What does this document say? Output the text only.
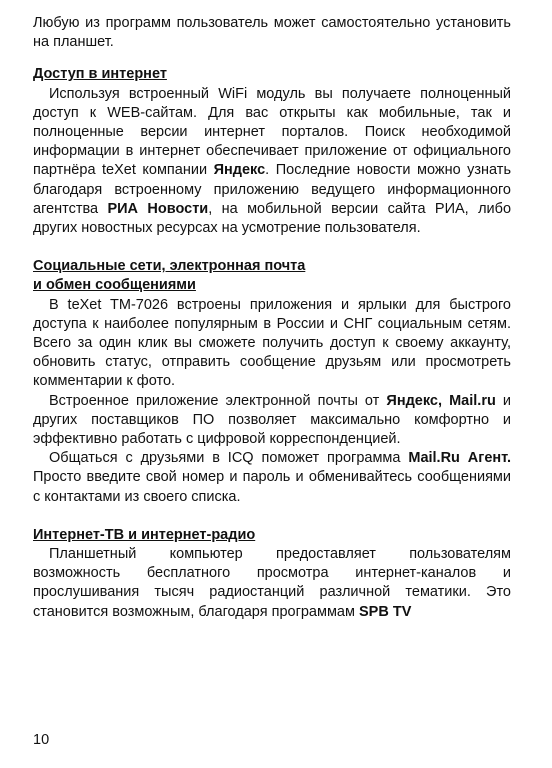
Любую из программ пользователь может самостоятельно установить на планшет.

Доступ в интернет

Используя встроенный WiFi модуль вы получаете полноценный доступ к WEB-сайтам. Для вас открыты как мобильные, так и полноценные версии интернет порталов. Поиск необходимой информации в интернет обеспечивает приложение от официального партнёра teXet компании Яндекс. Последние новости можно узнать благодаря встроенному приложению ведущего информационного агентства РИА Новости, на мобильной версии сайта РИА, либо других новостных ресурсах на усмотрение пользователя.

Социальные сети, электронная почта

и обмен сообщениями

В teXet TM-7026 встроены приложения и ярлыки для быстрого доступа к наиболее популярным в России и СНГ социальным сетям. Всего за один клик вы сможете получить доступ к своему аккаунту, обновить статус, отправить сообщение друзьям или просмотреть комментарии к фото.

Встроенное приложение электронной почты от Яндекс, Mail.ru и других поставщиков ПО позволяет максимально комфортно и эффективно работать с цифровой корреспонденцией.

Общаться с друзьями в ICQ поможет программа Mail.Ru Агент. Просто введите свой номер и пароль и обменивайтесь сообщениями с контактами из своего списка.

Интернет-ТВ и интернет-радио

Планшетный компьютер предоставляет пользователям возможность бесплатного просмотра интернет-каналов и прослушивания тысяч радиостанций различной тематики. Это становится возможным, благодаря программам SPB TV

10
